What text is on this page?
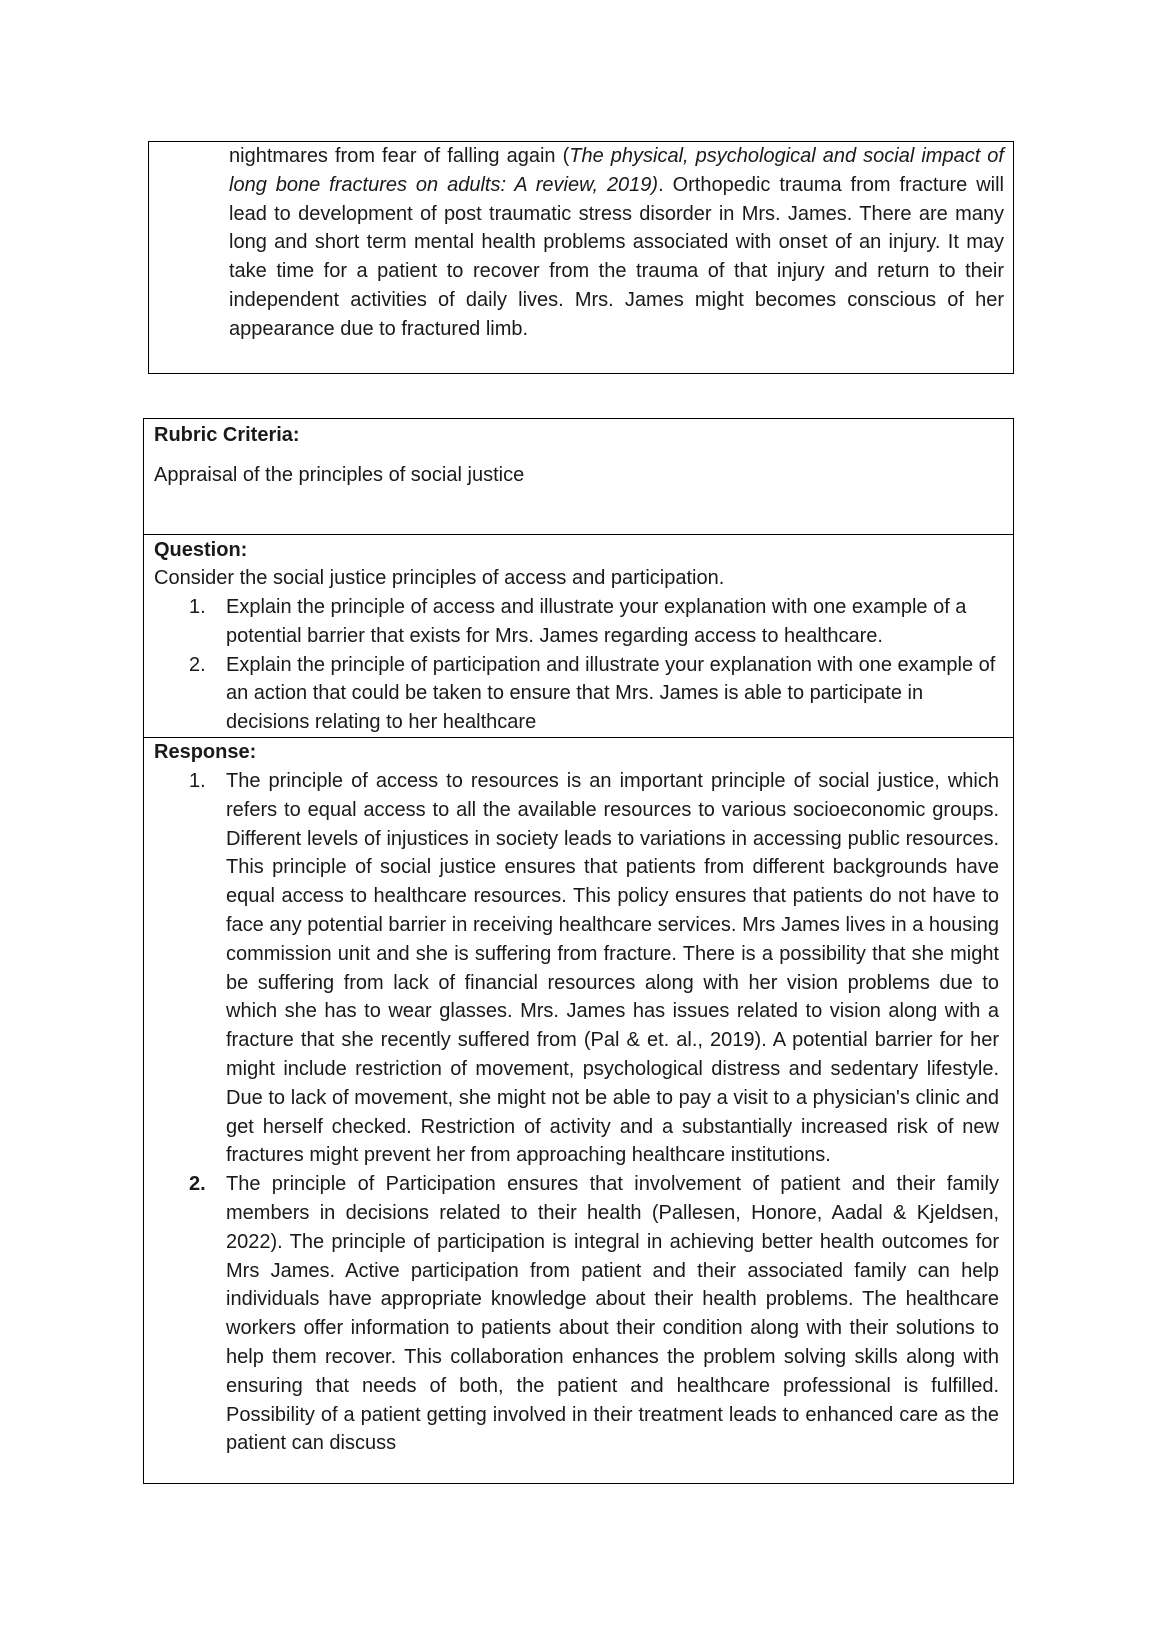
nightmares from fear of falling again (The physical, psychological and social impact of long bone fractures on adults: A review, 2019). Orthopedic trauma from fracture will lead to development of post traumatic stress disorder in Mrs. James. There are many long and short term mental health problems associated with onset of an injury. It may take time for a patient to recover from the trauma of that injury and return to their independent activities of daily lives. Mrs. James might becomes conscious of her appearance due to fractured limb.

Rubric Criteria:
Appraisal of the principles of social justice
Question:
Consider the social justice principles of access and participation.
1. Explain the principle of access and illustrate your explanation with one example of a potential barrier that exists for Mrs. James regarding access to healthcare.
2. Explain the principle of participation and illustrate your explanation with one example of an action that could be taken to ensure that Mrs. James is able to participate in decisions relating to her healthcare
Response:
1. The principle of access to resources is an important principle of social justice, which refers to equal access to all the available resources to various socioeconomic groups. Different levels of injustices in society leads to variations in accessing public resources. This principle of social justice ensures that patients from different backgrounds have equal access to healthcare resources. This policy ensures that patients do not have to face any potential barrier in receiving healthcare services. Mrs James lives in a housing commission unit and she is suffering from fracture. There is a possibility that she might be suffering from lack of financial resources along with her vision problems due to which she has to wear glasses. Mrs. James has issues related to vision along with a fracture that she recently suffered from (Pal & et. al., 2019). A potential barrier for her might include restriction of movement, psychological distress and sedentary lifestyle. Due to lack of movement, she might not be able to pay a visit to a physician's clinic and get herself checked. Restriction of activity and a substantially increased risk of new fractures might prevent her from approaching healthcare institutions.
2. The principle of Participation ensures that involvement of patient and their family members in decisions related to their health (Pallesen, Honore, Aadal & Kjeldsen, 2022). The principle of participation is integral in achieving better health outcomes for Mrs James. Active participation from patient and their associated family can help individuals have appropriate knowledge about their health problems. The healthcare workers offer information to patients about their condition along with their solutions to help them recover. This collaboration enhances the problem solving skills along with ensuring that needs of both, the patient and healthcare professional is fulfilled. Possibility of a patient getting involved in their treatment leads to enhanced care as the patient can discuss
